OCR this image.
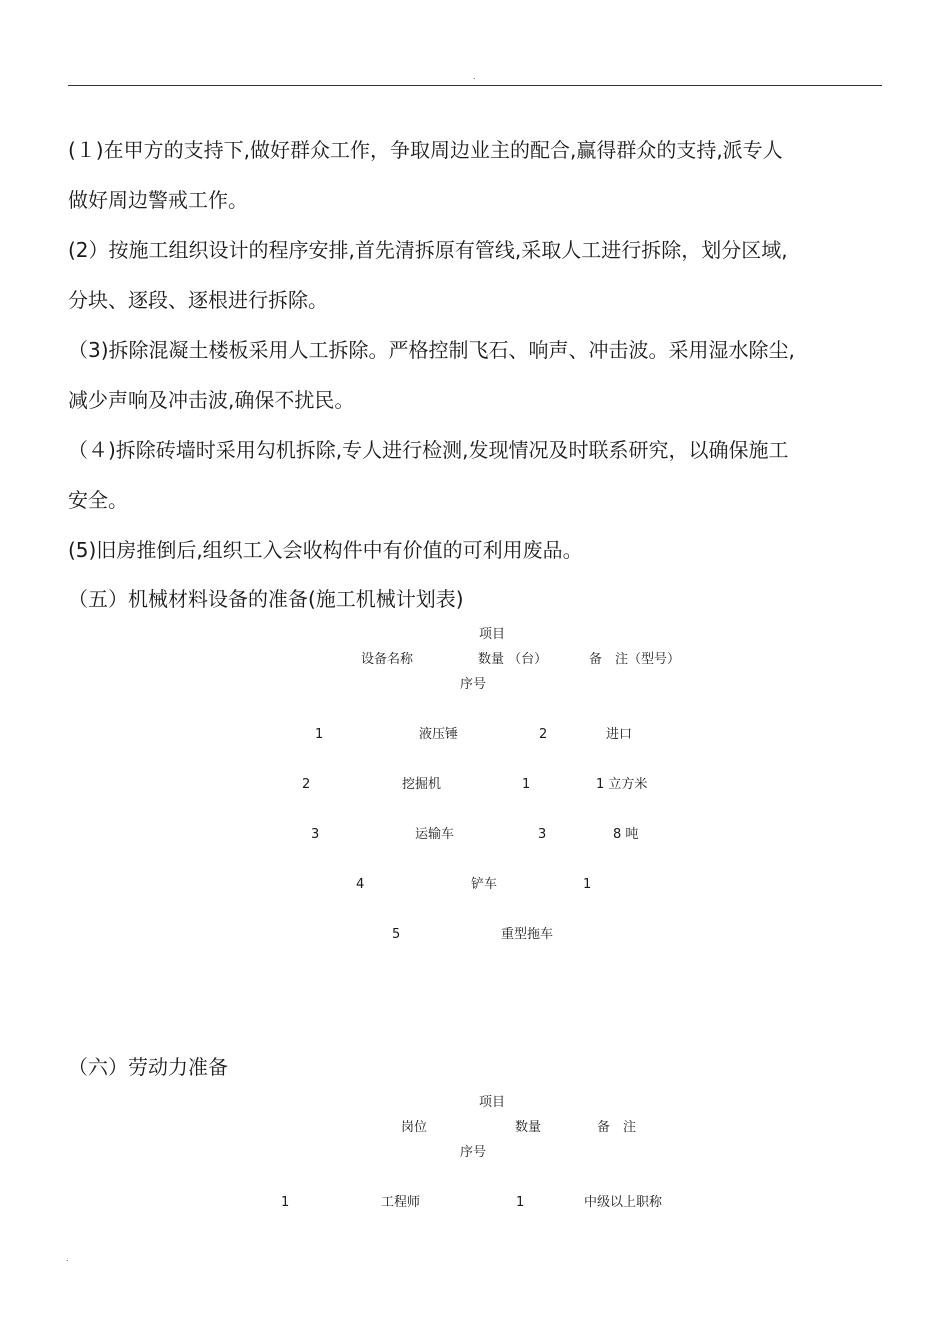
.
(１)在甲方的支持下,做好群众工作，争取周边业主的配合,赢得群众的支持,派专人
做好周边警戒工作。
(2）按施工组织设计的程序安排,首先清拆原有管线,采取人工进行拆除，划分区域,
分块、逐段、逐根进行拆除。
（3)拆除混凝土楼板采用人工拆除。严格控制飞石、响声、冲击波。采用湿水除尘,
减少声响及冲击波,确保不扰民。
（４)拆除砖墙时采用勾机拆除,专人进行检测,发现情况及时联系研究，以确保施工
安全。
(5)旧房推倒后,组织工入会收构件中有价值的可利用废品。
（五）机械材料设备的准备(施工机械计划表)
项目
设备名称	数量 （台）	备　注（型号）
序号
1	液压锤	2	进口
2	挖掘机	1	1 立方米
3	运输车	3	8 吨
4	铲车	1
5	重型拖车
（六）劳动力准备
项目
岗位	数量	备　注
序号
1	工程师	1	中级以上职称
.
